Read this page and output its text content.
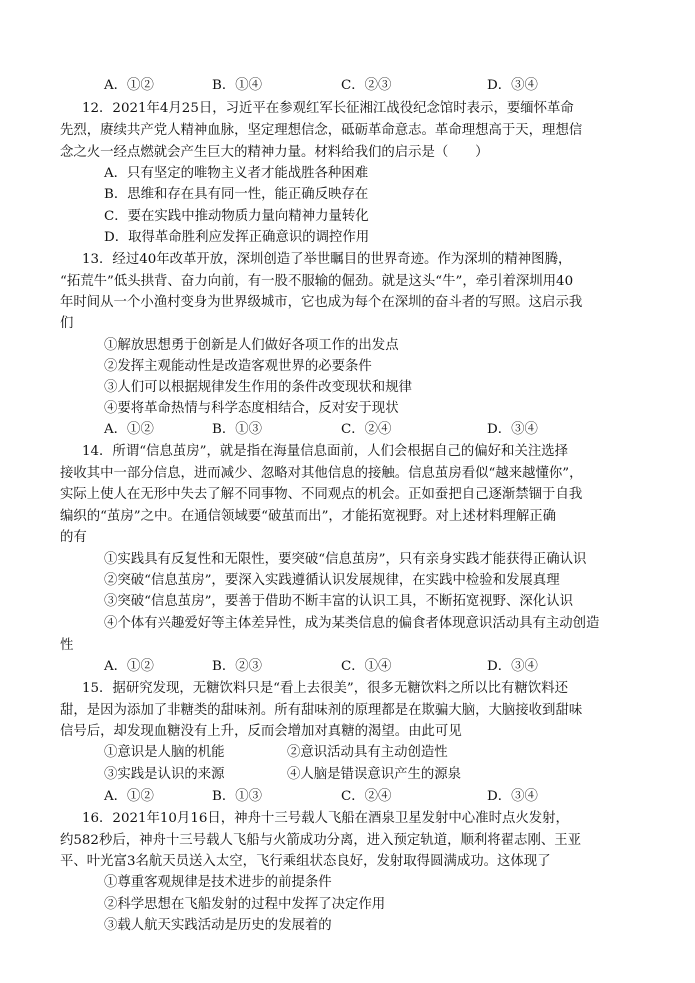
A．①②	B．①④	C．②③	D．③④
12．2021年4月25日，习近平在参观红军长征湘江战役纪念馆时表示，要缅怀革命
先烈，赓续共产党人精神血脉，坚定理想信念，砥砺革命意志。革命理想高于天，理想信
念之火一经点燃就会产生巨大的精神力量。材料给我们的启示是（　　）
A．只有坚定的唯物主义者才能战胜各种困难
B．思维和存在具有同一性，能正确反映存在
C．要在实践中推动物质力量向精神力量转化
D．取得革命胜利应发挥正确意识的调控作用
13．经过40年改革开放，深圳创造了举世瞩目的世界奇迹。作为深圳的精神图腾，
“拓荒牛”低头拱背、奋力向前，有一股不服输的倔劲。就是这头“牛”，牵引着深圳用40
年时间从一个小渔村变身为世界级城市，它也成为每个在深圳的奋斗者的写照。这启示我
们
①解放思想勇于创新是人们做好各项工作的出发点
②发挥主观能动性是改造客观世界的必要条件
③人们可以根据规律发生作用的条件改变现状和规律
④要将革命热情与科学态度相结合，反对安于现状
A．①②	B．①③	C．②④	D．③④
14．所谓“信息茧房”，就是指在海量信息面前，人们会根据自己的偏好和关注选择
接收其中一部分信息，进而减少、忽略对其他信息的接触。信息茧房看似“越来越懂你”，
实际上使人在无形中失去了解不同事物、不同观点的机会。正如蚕把自己逐渐禁锢于自我
编织的“茧房”之中。在通信领域要“破茧而出”，才能拓宽视野。对上述材料理解正确
的有
①实践具有反复性和无限性，要突破“信息茧房”，只有亲身实践才能获得正确认识
②突破“信息茧房”，要深入实践遵循认识发展规律，在实践中检验和发展真理
③突破“信息茧房”，要善于借助不断丰富的认识工具，不断拓宽视野、深化认识
④个体有兴趣爱好等主体差异性，成为某类信息的偏食者体现意识活动具有主动创造
性
A．①②	B．②③	C．①④	D．③④
15．据研究发现，无糖饮料只是“看上去很美”，很多无糖饮料之所以比有糖饮料还
甜，是因为添加了非糖类的甜味剂。所有甜味剂的原理都是在欺骗大脑，大脑接收到甜味
信号后，却发现血糖没有上升，反而会增加对真糖的渴望。由此可见
①意识是人脑的机能	②意识活动具有主动创造性
③实践是认识的来源	④人脑是错误意识产生的源泉
A．①②	B．①③	C．②④	D．③④
16．2021年10月16日，神舟十三号载人飞船在酒泉卫星发射中心准时点火发射，
约582秒后，神舟十三号载人飞船与火箭成功分离，进入预定轨道，顺利将翟志刚、王亚
平、叶光富3名航天员送入太空，飞行乘组状态良好，发射取得圆满成功。这体现了
①尊重客观规律是技术进步的前提条件
②科学思想在飞船发射的过程中发挥了决定作用
③载人航天实践活动是历史的发展着的
